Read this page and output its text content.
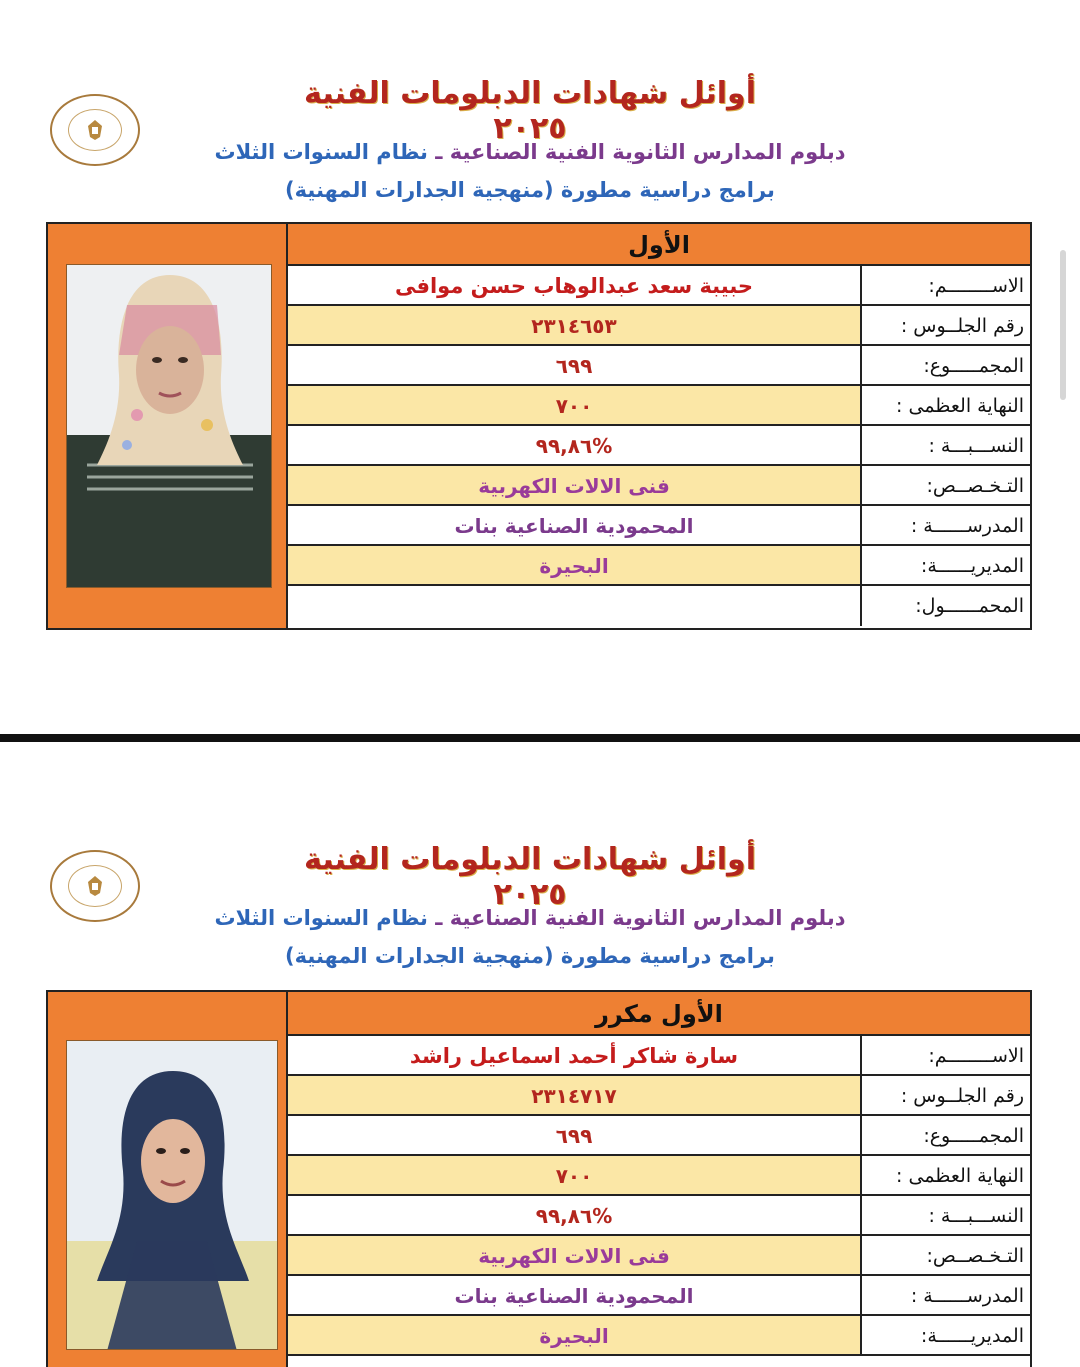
أوائل شهادات الدبلومات الفنية ٢٠٢٥
دبلوم المدارس الثانوية الفنية الصناعية ـ نظام السنوات الثلاث
برامج دراسية مطورة (منهجية الجدارات المهنية)
الأول
حبيبة سعد عبدالوهاب حسن موافى	الاســــــــم:
٢٣١٤٦٥٣	رقم الجلــوس :
٦٩٩	المجمـــــوع:
٧٠٠	النهاية العظمى :
%٩٩,٨٦	النســـبـــة :
فنى الالات الكهربية	التـخـصــص:
المحمودية الصناعية بنات	المدرســــــة :
البحيرة	المديريــــــة:
المحمــــــول:
أوائل شهادات الدبلومات الفنية ٢٠٢٥
دبلوم المدارس الثانوية الفنية الصناعية ـ نظام السنوات الثلاث
برامج دراسية مطورة (منهجية الجدارات المهنية)
الأول مكرر
سارة شاكر أحمد اسماعيل راشد	الاســــــــم:
٢٣١٤٧١٧	رقم الجلــوس :
٦٩٩	المجمـــــوع:
٧٠٠	النهاية العظمى :
%٩٩,٨٦	النســـبـــة :
فنى الالات الكهربية	التـخـصــص:
المحمودية الصناعية بنات	المدرســــــة :
البحيرة	المديريــــــة:
